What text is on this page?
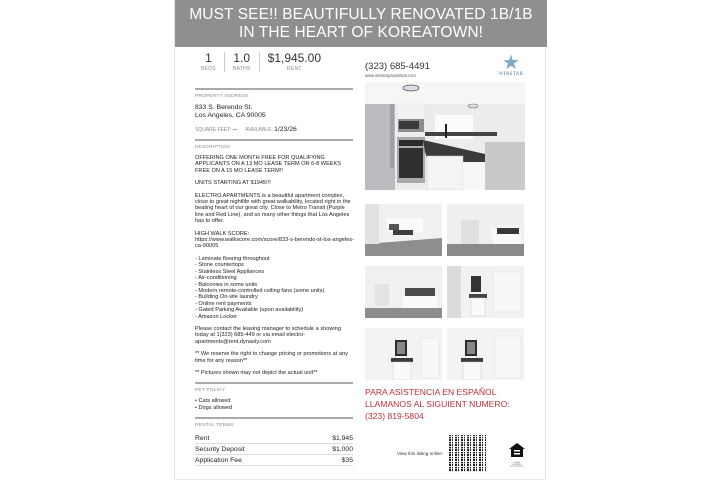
MUST SEE!! BEAUTIFULLY RENOVATED 1B/1B
IN THE HEART OF KOREATOWN!
1
BEDS
1.0
BATHS
$1,945.00
RENT
PROPERTY ADDRESS
833 S. Berendo St.
Los Angeles, CA 90005
SQUARE FEET: -- AVAILABLE: 1/23/26
DESCRIPTION

OFFERING ONE MONTH FREE FOR QUALIFYING APPLICANTS ON A 13 MO LEASE TERM OR 6-8 WEEKS FREE ON A 15 MO LEASE TERM!!

UNITS STARTING AT $1945!!!

ELECTRO APARTMENTS is a beautiful apartment complex, close to great nightlife with great walkability, located right in the beating heart of our great city. Close to Metro Transit (Purple line and Red Line), and so many other things that Los Angeles has to offer.

HIGH WALK SCORE:

https://www.walkscore.com/score/833-s-berendo-st-los-angeles-ca-90005

- Laminate flooring throughout
- Stone countertops
- Stainless Steel Appliances
- Air-conditioning
- Balconies in some units
- Modern remote-controlled ceiling fans (some units)
- Building On-site laundry
- Online rent payments
- Gated Parking Available (upon availability)
- Amazon Locker

Please contact the leasing manager to schedule a showing today at 1(323) 685-449 or via email electro-apartments@rent.dynasty.com

** We reserve the right to change pricing or promotions at any time for any reason**

** Pictures shown may not depict the actual unit**

PET POLICY
• Cats allowed
• Dogs allowed
RENTAL TERMS
Rent	$1,945
Security Deposit	$1,000
Application Fee	$35
(323) 685-4491
www.winstarproperties.com
★
WINSTAR
PARA ASISTENCIA EN ESPAÑOL
LLAMANOS AL SIGUIENT NUMERO:
(323) 819-5804
View this listing online:
EQUAL HOUSING OPPORTUNITY
